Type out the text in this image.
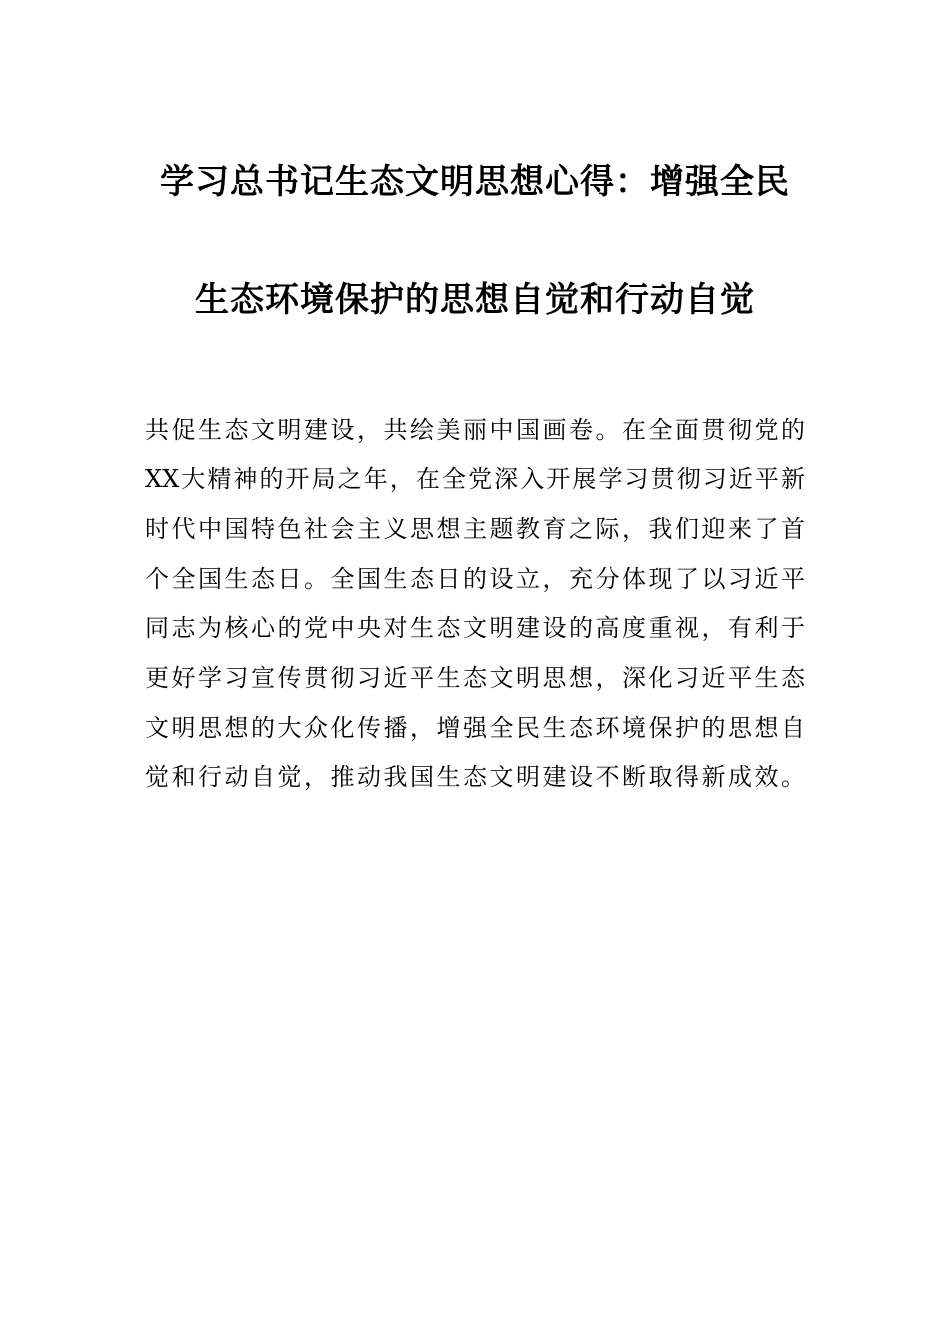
学习总书记生态文明思想心得：增强全民
生态环境保护的思想自觉和行动自觉
共促生态文明建设，共绘美丽中国画卷。在全面贯彻党的
XX大精神的开局之年，在全党深入开展学习贯彻习近平新
时代中国特色社会主义思想主题教育之际，我们迎来了首
个全国生态日。全国生态日的设立，充分体现了以习近平
同志为核心的党中央对生态文明建设的高度重视，有利于
更好学习宣传贯彻习近平生态文明思想，深化习近平生态
文明思想的大众化传播，增强全民生态环境保护的思想自
觉和行动自觉，推动我国生态文明建设不断取得新成效。
